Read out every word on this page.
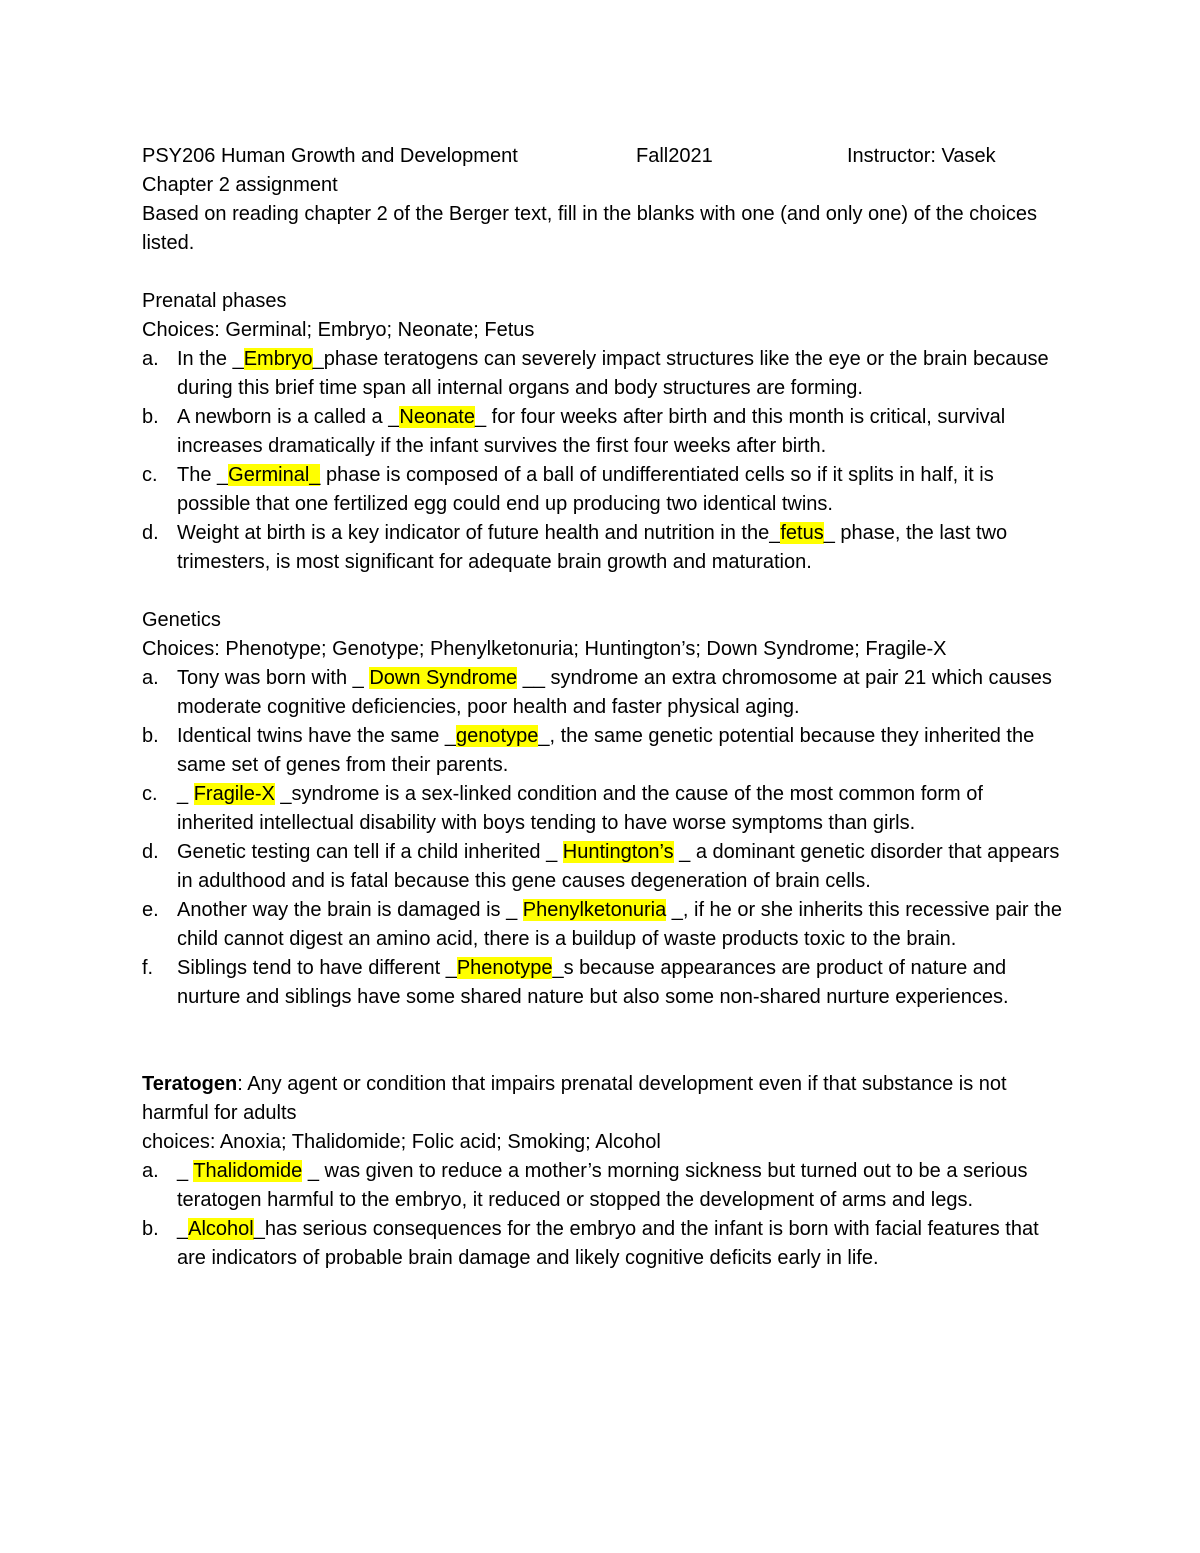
PSY206 Human Growth and Development	Fall2021	Instructor: Vasek
Chapter 2 assignment
Based on reading chapter 2 of the Berger text, fill in the blanks with one (and only one) of the choices listed.
Prenatal phases
Choices: Germinal; Embryo; Neonate; Fetus
a. In the _Embryo_phase teratogens can severely impact structures like the eye or the brain because during this brief time span all internal organs and body structures are forming.
b. A newborn is a called a _Neonate_ for four weeks after birth and this month is critical, survival increases dramatically if the infant survives the first four weeks after birth.
c. The _Germinal_ phase is composed of a ball of undifferentiated cells so if it splits in half, it is possible that one fertilized egg could end up producing two identical twins.
d. Weight at birth is a key indicator of future health and nutrition in the_fetus_ phase, the last two trimesters, is most significant for adequate brain growth and maturation.
Genetics
Choices: Phenotype; Genotype; Phenylketonuria; Huntington’s; Down Syndrome; Fragile-X
a. Tony was born with _ Down Syndrome __ syndrome an extra chromosome at pair 21 which causes moderate cognitive deficiencies, poor health and faster physical aging.
b. Identical twins have the same _genotype_, the same genetic potential because they inherited the same set of genes from their parents.
c. _ Fragile-X _syndrome is a sex-linked condition and the cause of the most common form of inherited intellectual disability with boys tending to have worse symptoms than girls.
d. Genetic testing can tell if a child inherited _ Huntington’s _ a dominant genetic disorder that appears in adulthood and is fatal because this gene causes degeneration of brain cells.
e. Another way the brain is damaged is _ Phenylketonuria _, if he or she inherits this recessive pair the child cannot digest an amino acid, there is a buildup of waste products toxic to the brain.
f. Siblings tend to have different _Phenotype_s because appearances are product of nature and nurture and siblings have some shared nature but also some non-shared nurture experiences.
Teratogen: Any agent or condition that impairs prenatal development even if that substance is not harmful for adults
choices: Anoxia; Thalidomide; Folic acid; Smoking; Alcohol
a. _ Thalidomide _ was given to reduce a mother’s morning sickness but turned out to be a serious teratogen harmful to the embryo, it reduced or stopped the development of arms and legs.
b. _Alcohol_has serious consequences for the embryo and the infant is born with facial features that are indicators of probable brain damage and likely cognitive deficits early in life.
